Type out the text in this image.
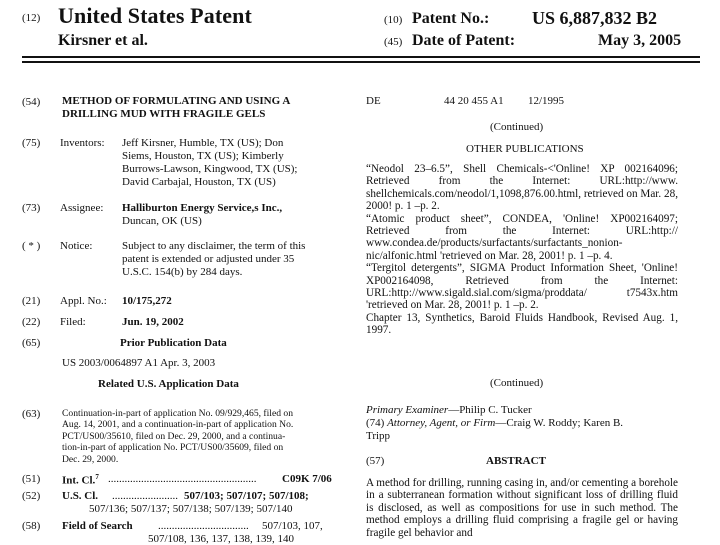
(12) United States Patent
Kirsner et al.
(10) Patent No.: US 6,887,832 B2
(45) Date of Patent:	May 3, 2005
(54) METHOD OF FORMULATING AND USING A
DRILLING MUD WITH FRAGILE GELS
(75) Inventors: Jeff Kirsner, Humble, TX (US); Don
Siems, Houston, TX (US); Kimberly
Burrows-Lawson, Kingwood, TX (US);
David Carbajal, Houston, TX (US)
(73) Assignee: Halliburton Energy Service,s Inc.,
Duncan, OK (US)
( * ) Notice:	Subject to any disclaimer, the term of this
patent is extended or adjusted under 35
U.S.C. 154(b) by 284 days.
(21) Appl. No.: 10/175,272
(22) Filed:	Jun. 19, 2002
(65)	Prior Publication Data
US 2003/0064897 A1 Apr. 3, 2003
Related U.S. Application Data
(63) Continuation-in-part of application No. 09/929,465, filed on
Aug. 14, 2001, and a continuation-in-part of application No.
PCT/US00/35610, filed on Dec. 29, 2000, and a continua-
tion-in-part of application No. PCT/US00/35609, filed on
Dec. 29, 2000.
(51) Int. Cl.$^7$ ......................................................	C09K 7/06
(52) U.S. Cl. ........................ 507/103; 507/107; 507/108;
507/136; 507/137; 507/138; 507/139; 507/140
(58) Field of Search .................................	507/103, 107,
507/108, 136, 137, 138, 139, 140
DE	44 20 455 A1 12/1995
(Continued)
OTHER PUBLICATIONS
“Neodol 23–6.5”, Shell Chemicals-<'Online! XP 002164096; Retrieved from the Internet: URL:http://www. shellchemicals.com/neodol/1,1098,876.00.html, retrieved on Mar. 28, 2000! p. 1 –p. 2.
“Atomic product sheet”, CONDEA, 'Online! XP002164097; Retrieved from the Internet: URL:http:// www.condea.de/products/surfactants/surfactants_nonion- nic/alfonic.html 'retrieved on Mar. 28, 2001! p. 1 –p. 4.
“Tergitol detergents”, SIGMA Product Information Sheet, 'Online! XP002164098, Retrieved from the Internet: URL:http://www.sigald.sial.com/sigma/proddata/ t7543x.htm 'retrieved on Mar. 28, 2001! p. 1 –p. 2.
Chapter 13, Synthetics, Baroid Fluids Handbook, Revised Aug. 1, 1997.
(Continued)
Primary Examiner—Philip C. Tucker
(74) Attorney, Agent, or Firm—Craig W. Roddy; Karen B.
Tripp
(57)	ABSTRACT
A method for drilling, running casing in, and/or cementing a borehole in a subterranean formation without significant loss of drilling fluid is disclosed, as well as compositions for use in such method. The method employs a drilling fluid comprising a fragile gel or having fragile gel behavior and
